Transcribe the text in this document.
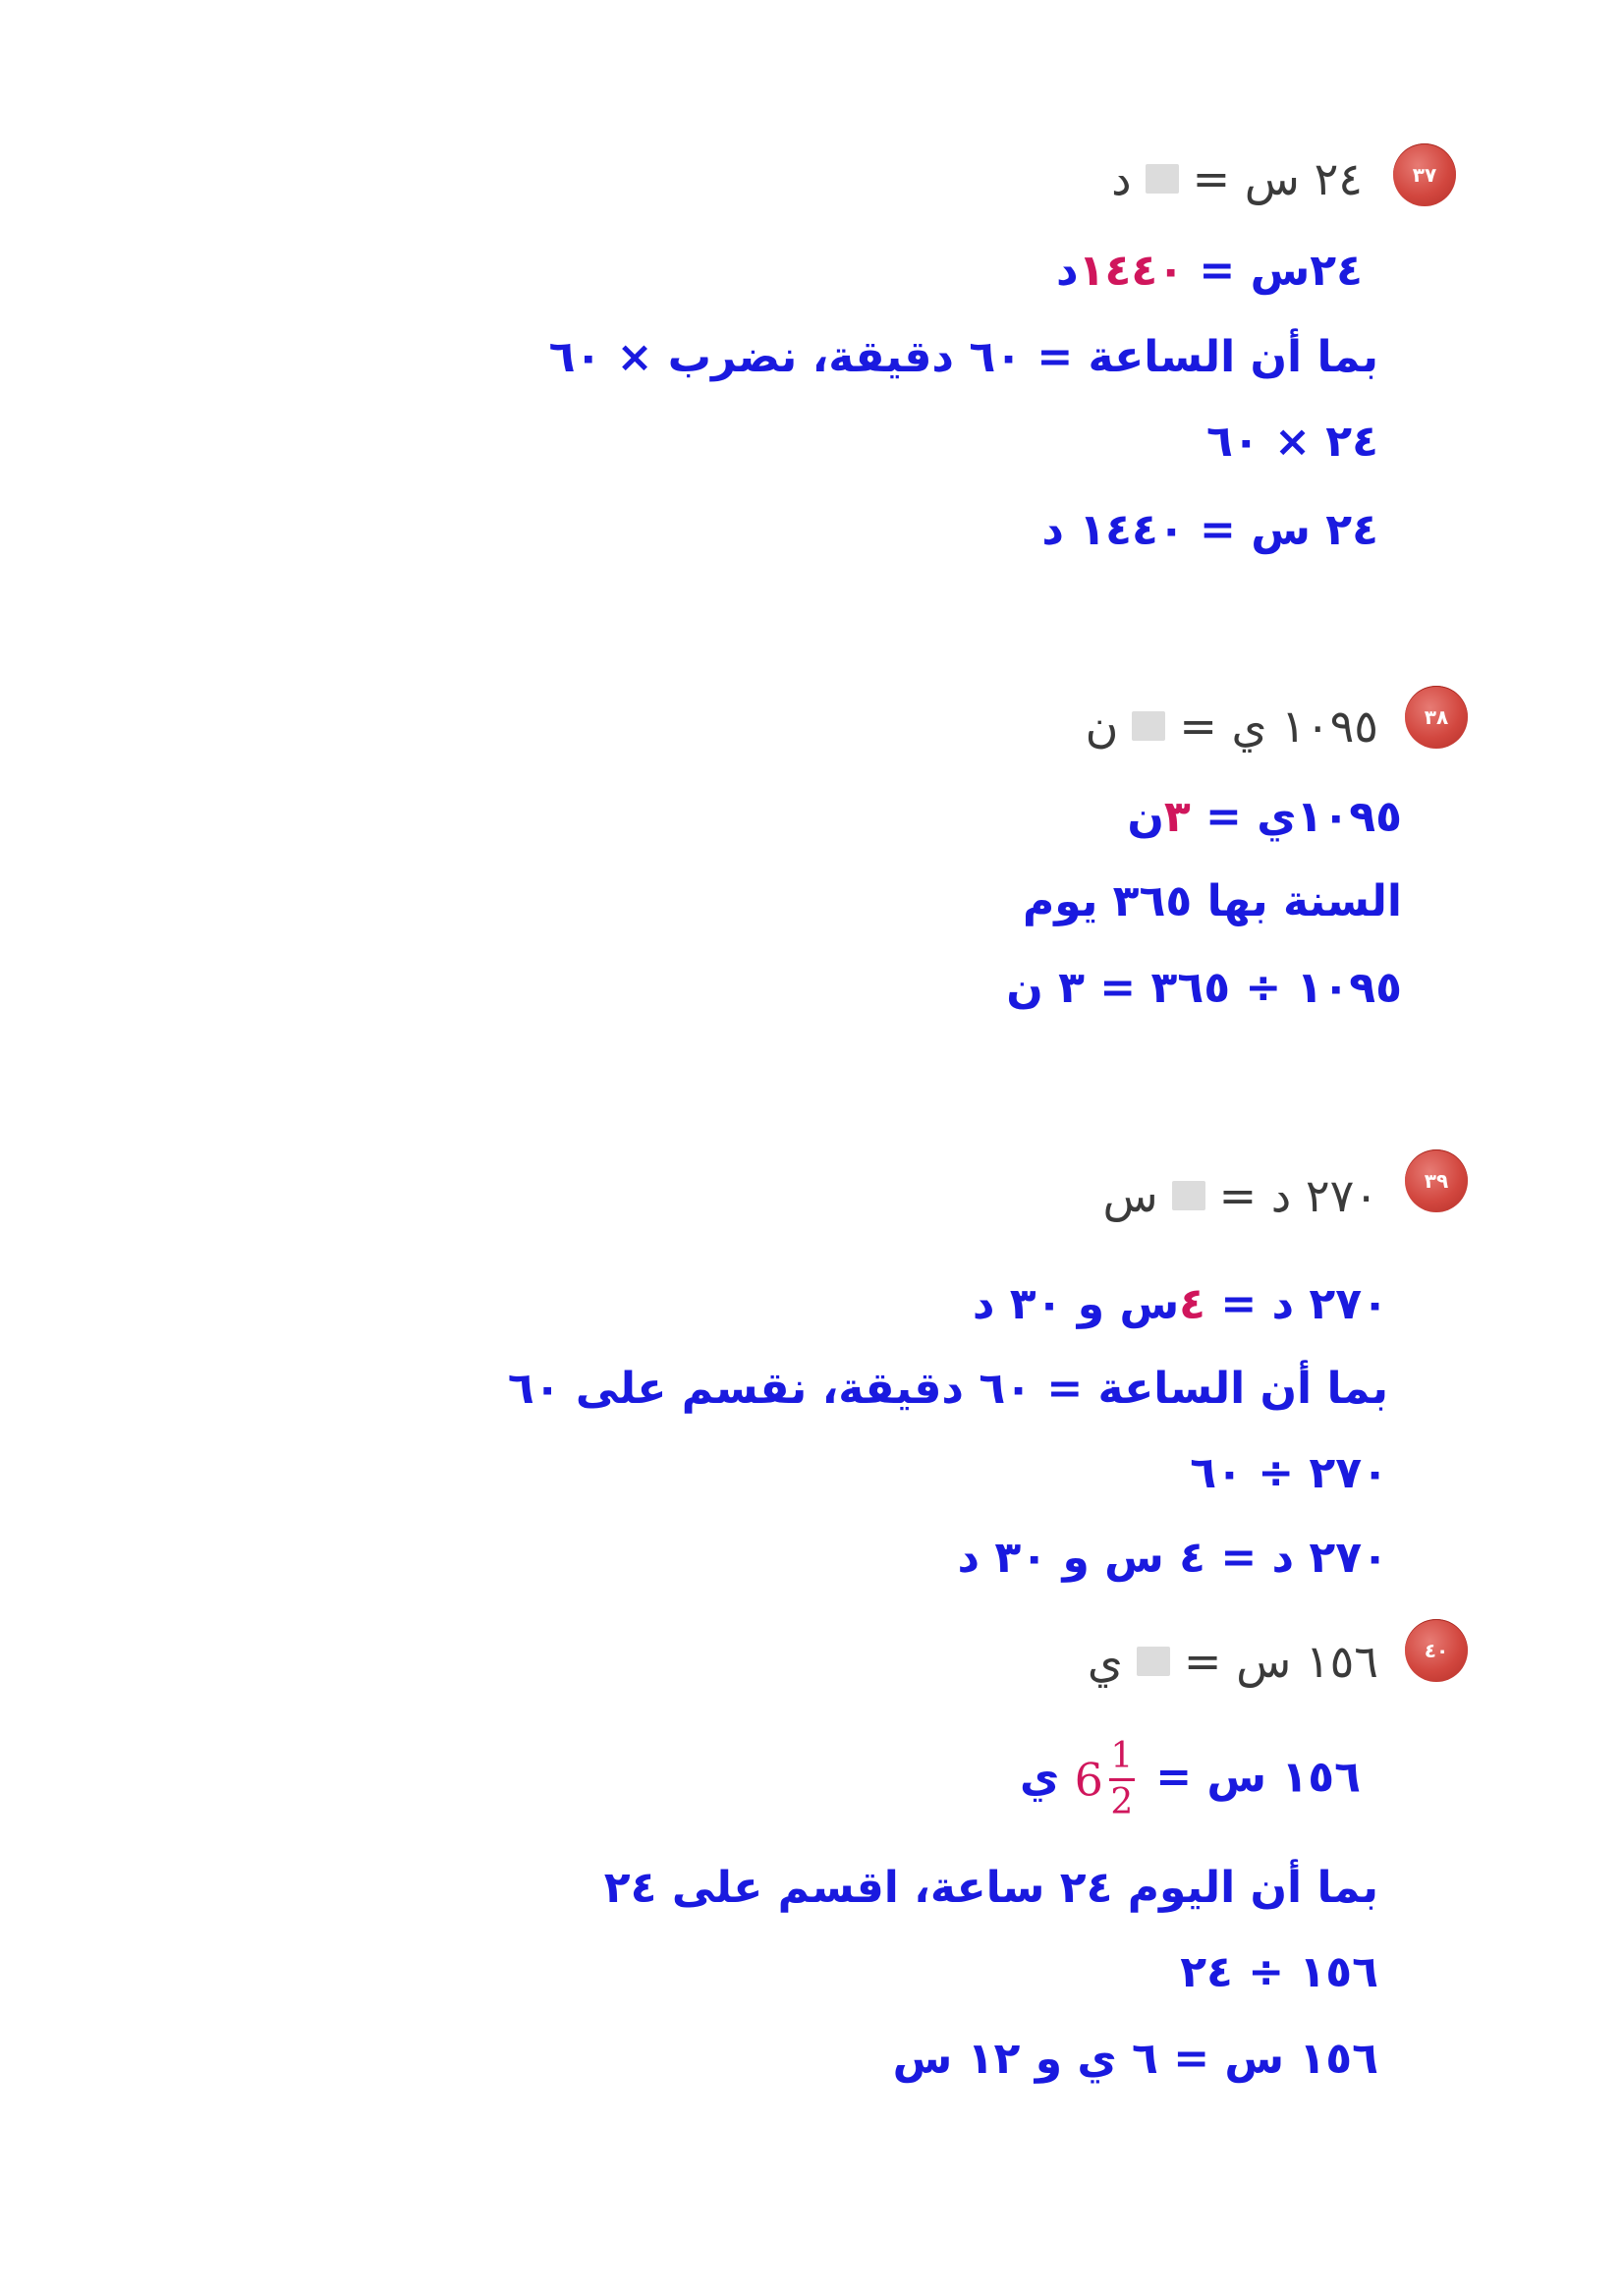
٣٧
٢٤ س =
د
٢٤س = ١٤٤٠د
بما أن الساعة = ٦٠ دقيقة، نضرب × ٦٠
٢٤ × ٦٠
٢٤ س = ١٤٤٠ د
٣٨
١٠٩٥ ي =
ن
١٠٩٥ي = ٣ن
السنة بها ٣٦٥ يوم
١٠٩٥ ÷ ٣٦٥ = ٣ ن
٣٩
٢٧٠ د =
س
٢٧٠ د = ٤س و ٣٠ د
بما أن الساعة = ٦٠ دقيقة، نقسم على ٦٠
٢٧٠ ÷ ٦٠
٢٧٠ د = ٤ س و ٣٠ د
٤٠
١٥٦ س =
ي
١٥٦ س =
$\frac{1}{2}$
6 ي
بما أن اليوم ٢٤ ساعة، اقسم على ٢٤
١٥٦ ÷ ٢٤
١٥٦ س = ٦ ي و ١٢ س
